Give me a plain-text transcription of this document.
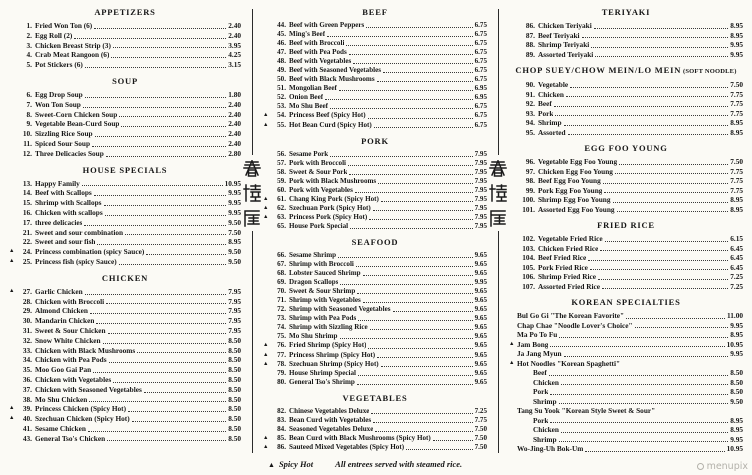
APPETIZERS
1. Fried Won Ton (6)	2.40
2. Egg Roll (2)	2.40
3. Chicken Breast Strip (3)	3.95
4. Crab Meat Rangoon (6)	4.25
5. Pot Stickers (6)	3.15
SOUP
6. Egg Drop Soup	1.80
7. Won Ton Soup	2.40
8. Sweet-Corn Chicken Soup	2.40
9. Vegetable Bean-Curd Soup	2.40
10. Sizzling Rice Soup	2.40
11. Spiced Sour Soup	2.40
12. Three Delicacies Soup	2.80
HOUSE SPECIALS
13. Happy Family	10.95
14. Beef with Scallops	9.95
15. Shrimp with Scallops	9.95
16. Chicken with scallops	9.95
17. three delicacies	9.50
21. Sweet and sour combination	7.50
22. Sweet and sour fish	8.95
▲	24. Princess combination (spicy Sauce)	9.50
▲	25. Princess fish (spicy Sauce)	9.50
CHICKEN
▲	27. Garlic Chicken	7.95
28. Chicken with Broccoli	7.95
29. Almond Chicken	7.95
30. Mandarin Chicken	7.95
31. Sweet & Sour Chicken	7.95
32. Snow White Chicken	8.50
33. Chicken with Black Mushrooms	8.50
34. Chicken with Pea Pods	8.50
35. Moo Goo Gai Pan	8.50
36. Chicken with Vegetables	8.50
37. Chicken with Seasoned Vegetables	8.50
38. Mo Shu Chicken	8.50
▲	39. Princess Chicken (Spicy Hot)	8.50
▲	40. Szechuan Chicken (Spicy Hot)	8.50
41. Sesame Chicken	8.50
43. General Tso's Chicken	8.50
BEEF
44. Beef with Green Peppers	6.75
45. Ming's Beef	6.75
46. Beef with Broccoli	6.75
47. Beef with Pea Pods	6.75
48. Beef with Vegetables	6.75
49. Beef with Seasoned Vegetables	6.75
50. Beef with Black Mushrooms	6.75
51. Mongolian Beef	6.95
52. Onion Beef	6.95
53. Mo Shu Beef	6.75
▲	54. Princess Beef (Spicy Hot)	6.75
▲	55. Hot Bean Curd (Spicy Hot)	6.75
PORK
56. Sesame Pork	7.95
57. Pork with Broccoli	7.95
58. Sweet & Sour Pork	7.95
59. Pork with Black Mushrooms	7.95
60. Pork with Vegetables	7.95
▲	61. Chang King Pork (Spicy Hot)	7.95
▲	62. Szechuan Pork (Spicy Hot)	7.95
▲	63. Princess Pork (Spicy Hot)	7.95
65. House Pork Special	7.95
SEAFOOD
66. Sesame Shrimp	9.65
67. Shrimp with Broccoli	9.65
68. Lobster Sauced Shrimp	9.65
69. Dragon Scallops	9.95
70. Sweet & Sour Shrimp	9.65
71. Shrimp with Vegetables	9.65
72. Shrimp with Seasoned Vegetables	9.65
73. Shrimp with Pea Pods	9.65
74. Shrimp with Sizzling Rice	9.65
75. Mo Shu Shrimp	9.65
▲	76. Fried Shrimp (Spicy Hot)	9.65
▲	77. Princess Shrimp (Spicy Hot)	9.65
▲	78. Szechuan Shrimp (Spicy Hot)	9.65
79. House Shrimp Special	9.65
80. General Tso's Shrimp	9.65
VEGETABLES
82. Chinese Vegetables Deluxe	7.25
83. Bean Curd with Vegetables	7.75
84. Seasoned Vegetables Deluxe	7.50
▲	85. Bean Curd with Black Mushrooms (Spicy Hot)	7.50
▲	86. Sauteed Mixed Vegetables (Spicy Hot)	7.50
TERIYAKI
86. Chicken Teriyaki	8.95
87. Beef Teriyaki	8.95
88. Shrimp Teriyaki	9.95
89. Assorted Teriyaki	9.95
CHOP SUEY/CHOW MEIN/LO MEIN (SOFT NOODLE)
90. Vegetable	7.50
91. Chicken	7.75
92. Beef	7.75
93. Pork	7.75
94. Shrimp	8.95
95. Assorted	8.95
EGG FOO YOUNG
96. Vegetable Egg Foo Young	7.50
97. Chicken Egg Foo Young	7.75
98. Beef Egg Foo Young	7.75
99. Pork Egg Foo Young	7.75
100. Shrimp Egg Foo Young	8.95
101. Assorted Egg Foo Young	8.95
FRIED RICE
102. Vegetable Fried Rice	6.15
103. Chicken Fried Rice	6.45
104. Beef Fried Rice	6.45
105. Pork Fried Rice	6.45
106. Shrimp Fried Rice	7.25
107. Assorted Fried Rice	7.25
KOREAN SPECIALTIES
Bul Go Gi "The Korean Favorite"	11.00
Chap Chae "Noodle Lover's Choice"	9.95
Ma Po To Fu	8.95
▲ Jam Bong	10.95
Ja Jang Myun	9.95
▲ Hot Noodles "Korean Spaghetti"
Beef	8.50
Chicken	8.50
Pork	8.50
Shrimp	9.50
Tang Su Yook "Korean Style Sweet & Sour"
Pork	8.95
Chicken	8.95
Shrimp	9.95
Wo-Jing-Uh Bok-Um	10.95
▲ Spicy Hot	All entrees served with steamed rice.	menupix
